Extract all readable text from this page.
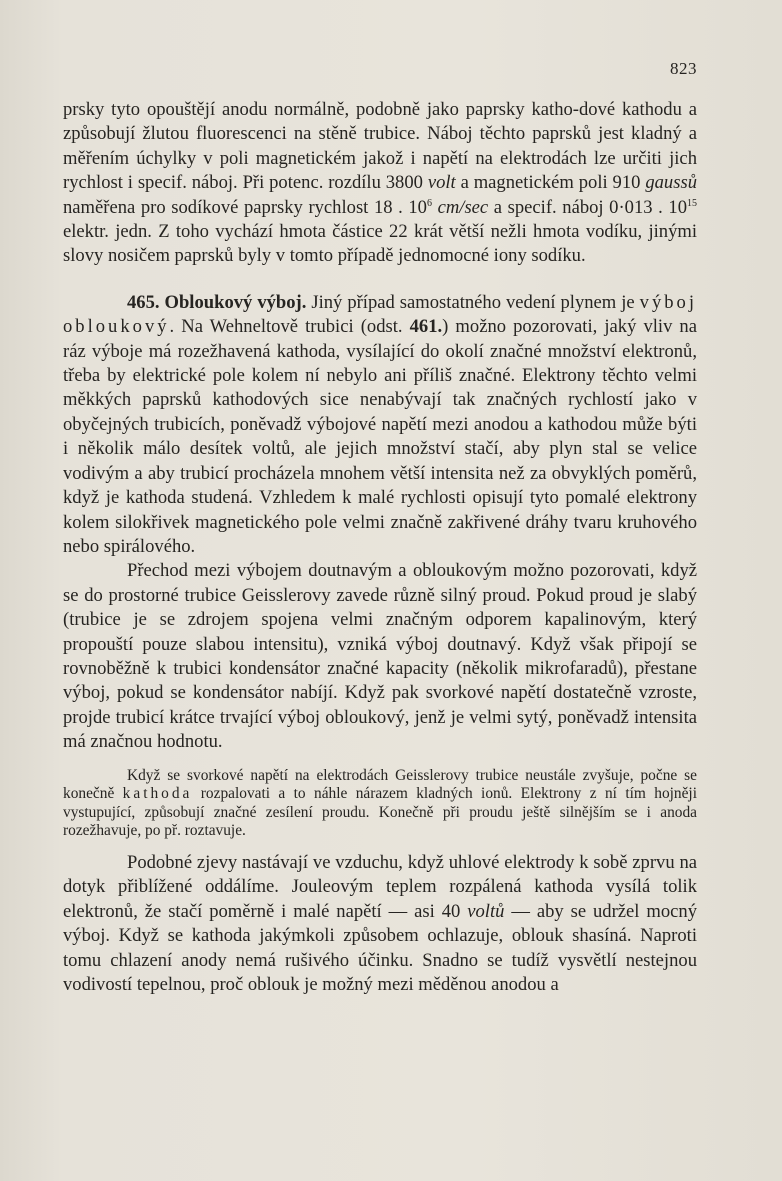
823

prsky tyto opouštějí anodu normálně, podobně jako paprsky katho-dové kathodu a způsobují žlutou fluorescenci na stěně trubice. Náboj těchto paprsků jest kladný a měřením úchylky v poli magnetickém jakož i napětí na elektrodách lze určiti jich rychlost i specif. náboj. Při potenc. rozdílu 3800 volt a magnetickém poli 910 gaussů naměřena pro sodíkové paprsky rychlost 18 . $10^6$ cm/sec a specif. náboj 0·013 . $10^{15}$ elektr. jedn. Z toho vychází hmota částice 22 krát větší nežli hmota vodíku, jinými slovy nosičem paprsků byly v tomto případě jednomocné iony sodíku.

465. Obloukový výboj. Jiný případ samostatného vedení plynem je výboj obloukový. Na Wehneltově trubici (odst. 461.) možno pozorovati, jaký vliv na ráz výboje má rozežhavená kathoda, vysílající do okolí značné množství elektronů, třeba by elektrické pole kolem ní nebylo ani příliš značné. Elektrony těchto velmi měkkých paprsků kathodových sice nenabývají tak značných rychlostí jako v obyčejných trubicích, poněvadž výbojové napětí mezi anodou a kathodou může býti i několik málo desítek voltů, ale jejich množství stačí, aby plyn stal se velice vodivým a aby trubicí procházela mnohem větší intensita než za obvyklých poměrů, když je kathoda studená. Vzhledem k malé rychlosti opisují tyto pomalé elektrony kolem silokřivek magnetického pole velmi značně zakřivené dráhy tvaru kruhového nebo spirálového.

Přechod mezi výbojem doutnavým a obloukovým možno pozorovati, když se do prostorné trubice Geisslerovy zavede různě silný proud. Pokud proud je slabý (trubice je se zdrojem spojena velmi značným odporem kapalinovým, který propouští pouze slabou intensitu), vzniká výboj doutnavý. Když však připojí se rovnoběžně k trubici kondensátor značné kapacity (několik mikrofaradů), přestane výboj, pokud se kondensátor nabíjí. Když pak svorkové napětí dostatečně vzroste, projde trubicí krátce trvající výboj obloukový, jenž je velmi sytý, poněvadž intensita má značnou hodnotu.

Když se svorkové napětí na elektrodách Geisslerovy trubice neustále zvyšuje, počne se konečně kathoda rozpalovati a to náhle nárazem kladných ionů. Elektrony z ní tím hojněji vystupující, způsobují značné zesílení proudu. Konečně při proudu ještě silnějším se i anoda rozežhavuje, po př. roztavuje.

Podobné zjevy nastávají ve vzduchu, když uhlové elektrody k sobě zprvu na dotyk přiblížené oddálíme. Jouleovým teplem rozpálená kathoda vysílá tolik elektronů, že stačí poměrně i malé napětí — asi 40 voltů — aby se udržel mocný výboj. Když se kathoda jakýmkoli způsobem ochlazuje, oblouk shasíná. Naproti tomu chlazení anody nemá rušivého účinku. Snadno se tudíž vysvětlí nestejnou vodivostí tepelnou, proč oblouk je možný mezi měděnou anodou a
